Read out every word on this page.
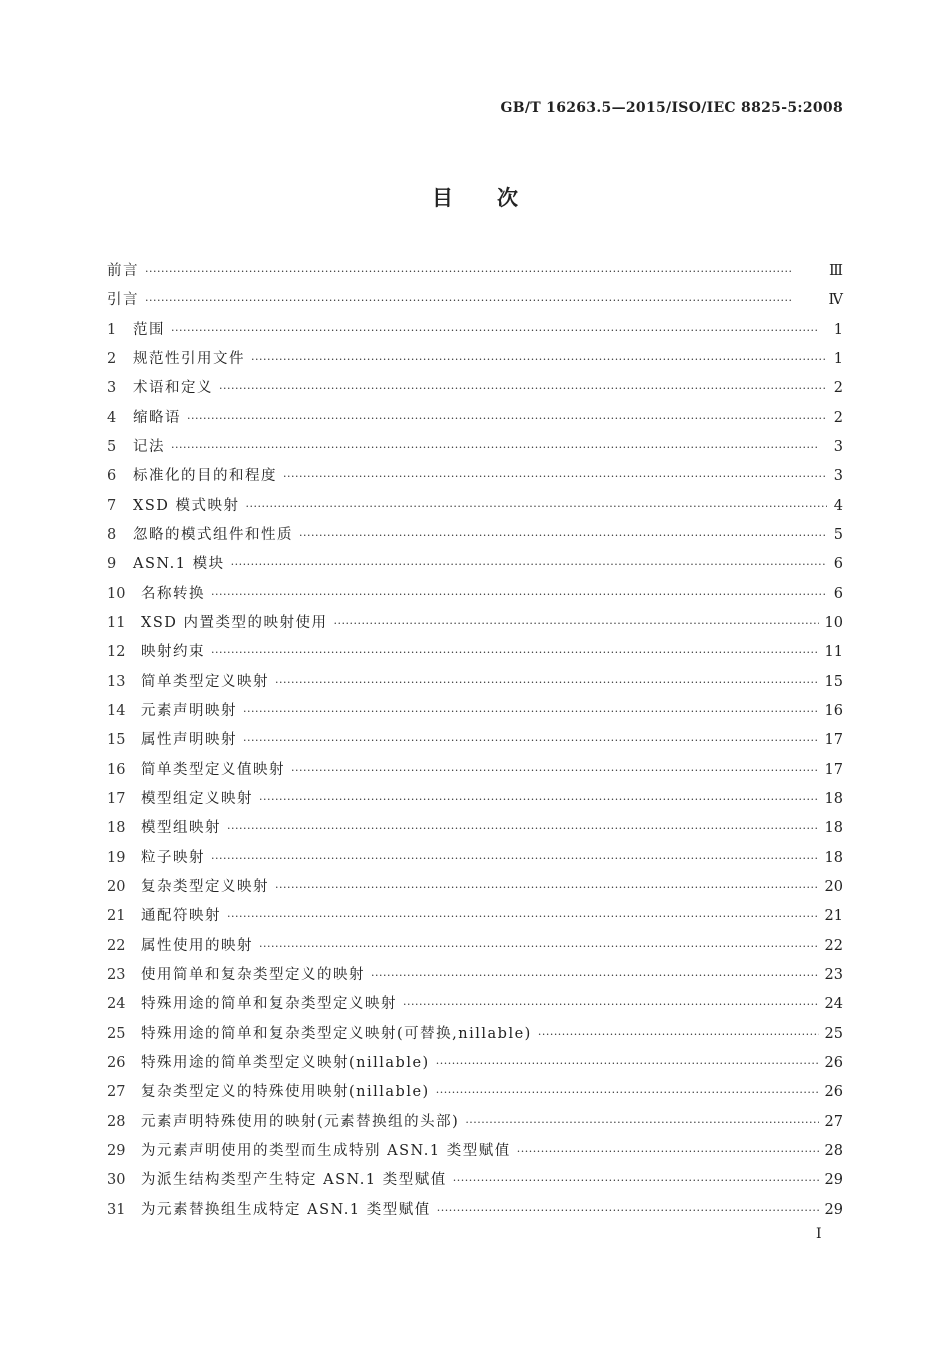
GB/T 16263.5—2015/ISO/IEC 8825-5:2008
目 次
前言 ·····	Ⅲ
引言 ·····	Ⅳ
1	范围 ·····	1
2	规范性引用文件 ·····	1
3	术语和定义 ·····	2
4	缩略语 ·····	2
5	记法 ·····	3
6	标准化的目的和程度 ·····	3
7	XSD 模式映射 ·····	4
8	忽略的模式组件和性质 ·····	5
9	ASN.1 模块 ·····	6
10	名称转换 ·····	6
11	XSD 内置类型的映射使用 ·····	10
12	映射约束 ·····	11
13	简单类型定义映射 ·····	15
14	元素声明映射 ·····	16
15	属性声明映射 ·····	17
16	简单类型定义值映射 ·····	17
17	模型组定义映射 ·····	18
18	模型组映射 ·····	18
19	粒子映射 ·····	18
20	复杂类型定义映射 ·····	20
21	通配符映射 ·····	21
22	属性使用的映射 ·····	22
23	使用简单和复杂类型定义的映射 ·····	23
24	特殊用途的简单和复杂类型定义映射 ·····	24
25	特殊用途的简单和复杂类型定义映射(可替换,nillable) ·····	25
26	特殊用途的简单类型定义映射(nillable) ·····	26
27	复杂类型定义的特殊使用映射(nillable) ·····	26
28	元素声明特殊使用的映射(元素替换组的头部) ·····	27
29	为元素声明使用的类型而生成特别 ASN.1 类型赋值 ·····	28
30	为派生结构类型产生特定 ASN.1 类型赋值 ·····	29
31	为元素替换组生成特定 ASN.1 类型赋值 ·····	29
I
